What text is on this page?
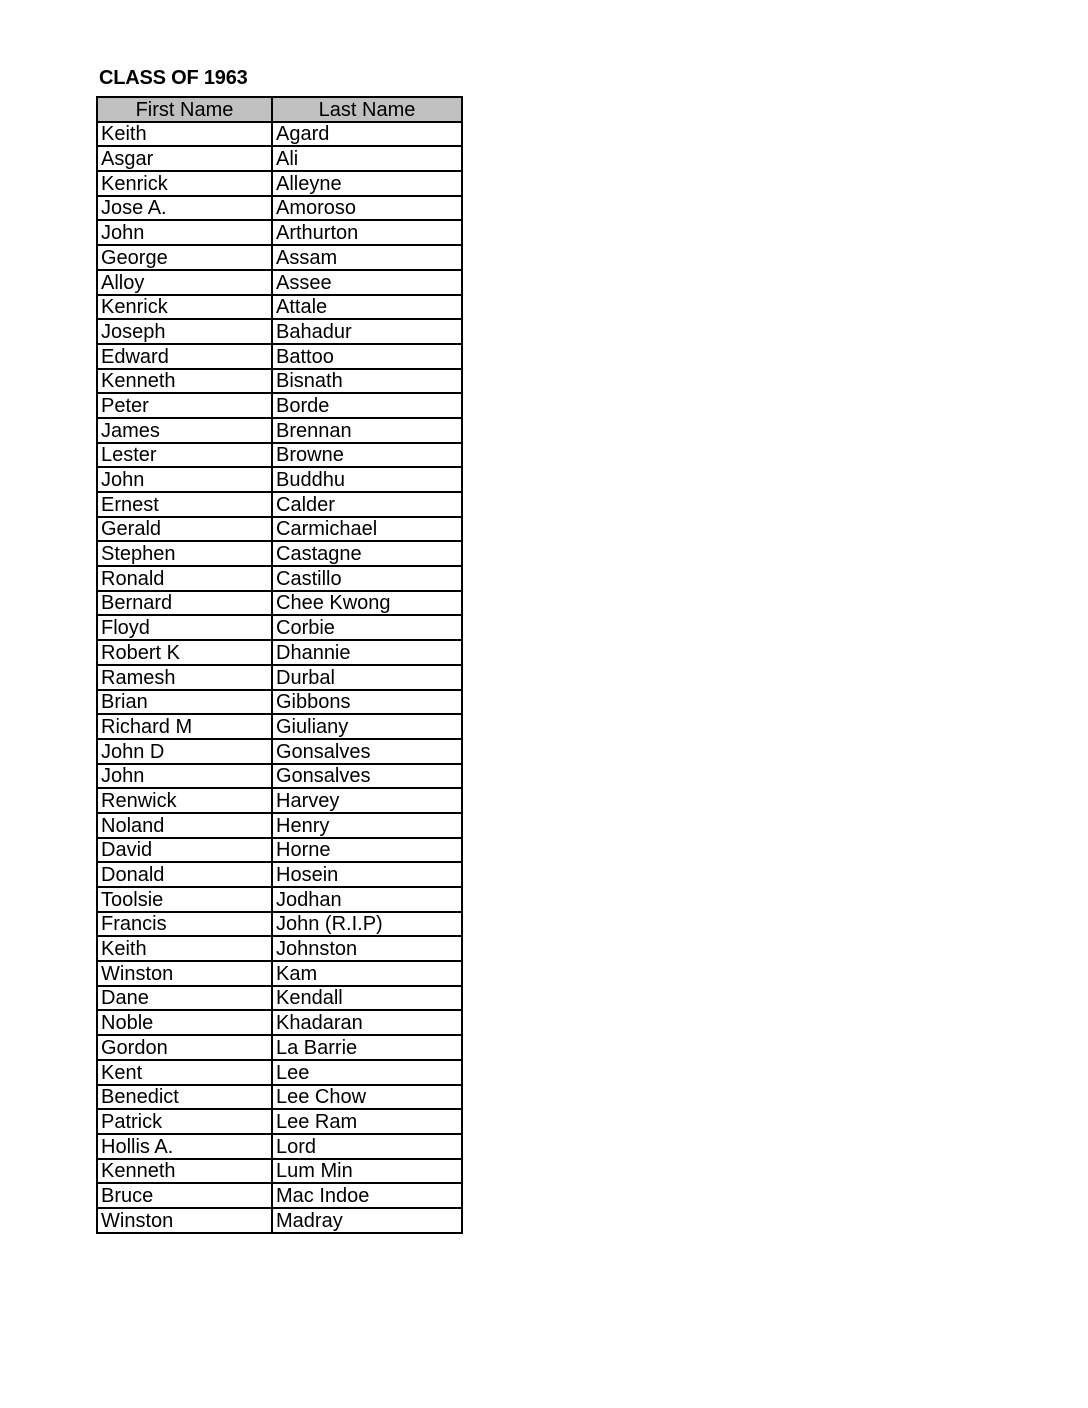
CLASS OF 1963
First Name	Last Name
Keith	Agard
Asgar	Ali
Kenrick	Alleyne
Jose A.	Amoroso
John	Arthurton
George	Assam
Alloy	Assee
Kenrick	Attale
Joseph	Bahadur
Edward	Battoo
Kenneth	Bisnath
Peter	Borde
James	Brennan
Lester	Browne
John	Buddhu
Ernest	Calder
Gerald	Carmichael
Stephen	Castagne
Ronald	Castillo
Bernard	Chee Kwong
Floyd	Corbie
Robert K	Dhannie
Ramesh	Durbal
Brian	Gibbons
Richard M	Giuliany
John D	Gonsalves
John	Gonsalves
Renwick	Harvey
Noland	Henry
David	Horne
Donald	Hosein
Toolsie	Jodhan
Francis	John (R.I.P)
Keith	Johnston
Winston	Kam
Dane	Kendall
Noble	Khadaran
Gordon	La Barrie
Kent	Lee
Benedict	Lee Chow
Patrick	Lee Ram
Hollis A.	Lord
Kenneth	Lum Min
Bruce	Mac Indoe
Winston	Madray
